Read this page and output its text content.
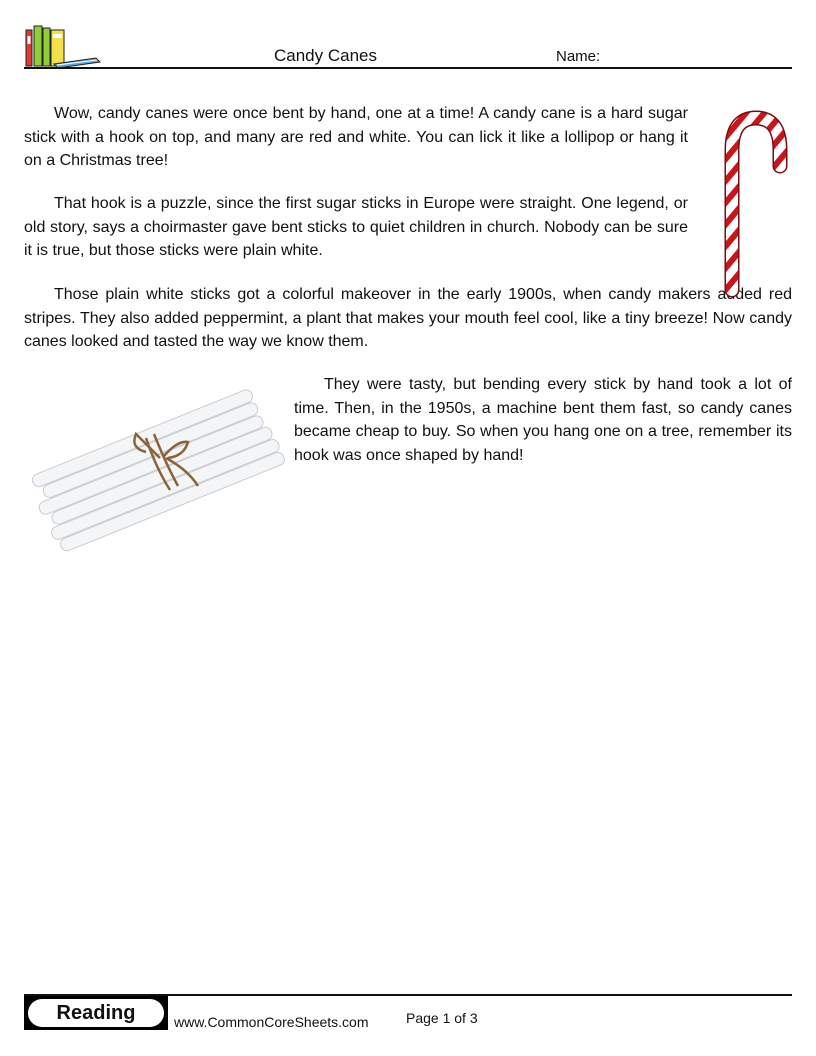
Candy Canes	Name:

Wow, candy canes were once bent by hand, one at a time! A candy cane is a hard sugar stick with a hook on top, and many are red and white. You can lick it like a lollipop or hang it on a Christmas tree!

That hook is a puzzle, since the first sugar sticks in Europe were straight. One legend, or old story, says a choirmaster gave bent sticks to quiet children in church. Nobody can be sure it is true, but those sticks were plain white.

Those plain white sticks got a colorful makeover in the early 1900s, when candy makers added red stripes. They also added peppermint, a plant that makes your mouth feel cool, like a tiny breeze! Now candy canes looked and tasted the way we know them.

They were tasty, but bending every stick by hand took a lot of time. Then, in the 1950s, a machine bent them fast, so candy canes became cheap to buy. So when you hang one on a tree, remember its hook was once shaped by hand!

Reading	www.CommonCoreSheets.com	Page 1 of 3
